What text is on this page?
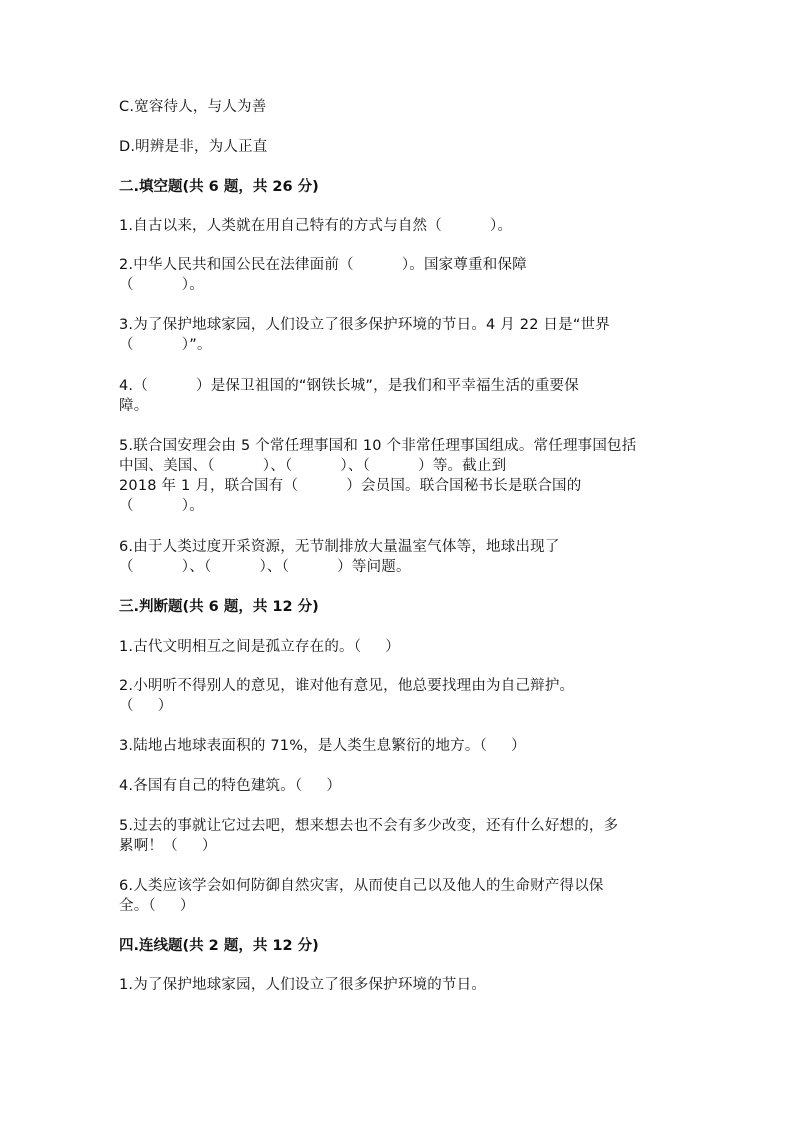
C.宽容待人，与人为善
D.明辨是非，为人正直
二.填空题(共 6 题，共 26 分)
1.自古以来，人类就在用自己特有的方式与自然（          ）。
2.中华人民共和国公民在法律面前（          ）。国家尊重和保障
（          ）。
3.为了保护地球家园，人们设立了很多保护环境的节日。4 月 22 日是“世界
（          ）”。
4.（          ）是保卫祖国的“钢铁长城”，是我们和平幸福生活的重要保
障。
5.联合国安理会由 5 个常任理事国和 10 个非常任理事国组成。常任理事国包括
中国、美国、（          ）、（          ）、（          ）等。截止到
2018 年 1 月，联合国有（          ）会员国。联合国秘书长是联合国的
（          ）。
6.由于人类过度开采资源，无节制排放大量温室气体等，地球出现了
（          ）、（          ）、（          ）等问题。
三.判断题(共 6 题，共 12 分)
1.古代文明相互之间是孤立存在的。（     ）
2.小明听不得别人的意见，谁对他有意见，他总要找理由为自己辩护。
（     ）
3.陆地占地球表面积的 71%，是人类生息繁衍的地方。（     ）
4.各国有自己的特色建筑。（     ）
5.过去的事就让它过去吧，想来想去也不会有多少改变，还有什么好想的，多
累啊！（     ）
6.人类应该学会如何防御自然灾害，从而使自己以及他人的生命财产得以保
全。（     ）
四.连线题(共 2 题，共 12 分)
1.为了保护地球家园，人们设立了很多保护环境的节日。
